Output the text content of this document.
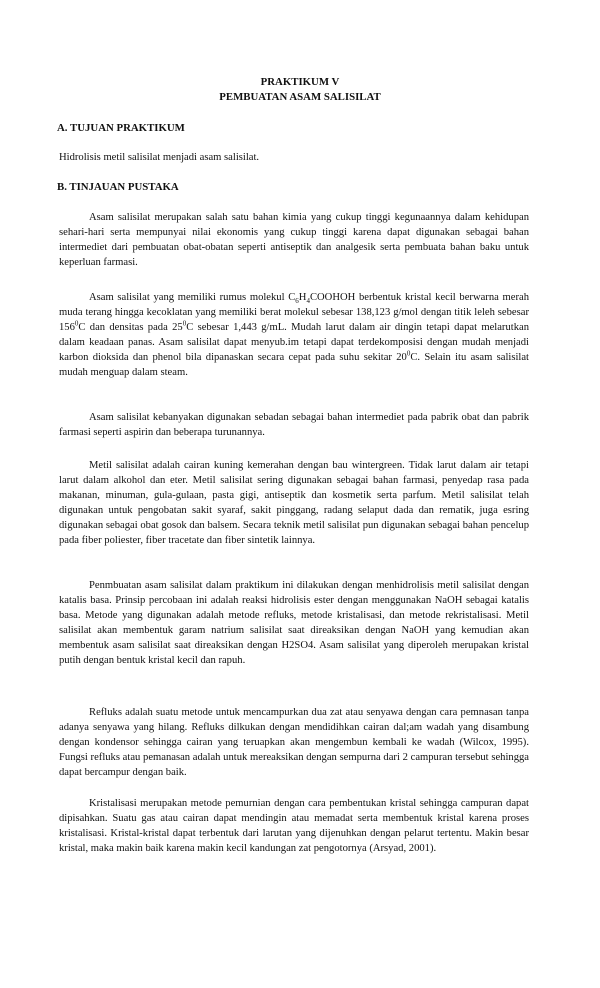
PRAKTIKUM V
PEMBUATAN ASAM SALISILAT
A. TUJUAN PRAKTIKUM
Hidrolisis metil salisilat menjadi asam salisilat.
B. TINJAUAN PUSTAKA
Asam salisilat merupakan salah satu bahan kimia yang cukup tinggi kegunaannya dalam kehidupan sehari-hari serta mempunyai nilai ekonomis yang cukup tinggi karena dapat digunakan sebagai bahan intermediet dari pembuatan obat-obatan seperti antiseptik dan analgesik serta pembuata bahan baku untuk keperluan farmasi.
Asam salisilat yang memiliki rumus molekul $C_6H_4COOHOH$ berbentuk kristal kecil berwarna merah muda terang hingga kecoklatan yang memiliki berat molekul sebesar 138,123 g/mol dengan titik leleh sebesar $156^0C$ dan densitas pada $25^0C$ sebesar 1,443 g/mL. Mudah larut dalam air dingin tetapi dapat melarutkan dalam keadaan panas. Asam salisilat dapat menyub.im tetapi dapat terdekomposisi dengan mudah menjadi karbon dioksida dan phenol bila dipanaskan secara cepat pada suhu sekitar $20^0C$. Selain itu asam salisilat mudah menguap dalam steam.
Asam salisilat kebanyakan digunakan sebadan sebagai bahan intermediet pada pabrik obat dan pabrik farmasi seperti aspirin dan beberapa turunannya.
Metil salisilat adalah cairan kuning kemerahan dengan bau wintergreen. Tidak larut dalam air tetapi larut dalam alkohol dan eter. Metil salisilat sering digunakan sebagai bahan farmasi, penyedap rasa pada makanan, minuman, gula-gulaan, pasta gigi, antiseptik dan kosmetik serta parfum. Metil salisilat telah digunakan untuk pengobatan sakit syaraf, sakit pinggang, radang selaput dada dan rematik, juga esring digunakan sebagai obat gosok dan balsem. Secara teknik metil salisilat pun digunakan sebagai bahan pencelup pada fiber poliester, fiber tracetate dan fiber sintetik lainnya.
Penmbuatan asam salisilat dalam praktikum ini dilakukan dengan menhidrolisis metil salisilat dengan katalis basa. Prinsip percobaan ini adalah reaksi hidrolisis ester dengan menggunakan NaOH sebagai katalis basa. Metode yang digunakan adalah metode refluks, metode kristalisasi, dan metode rekristalisasi. Metil salisilat akan membentuk garam natrium salisilat saat direaksikan dengan NaOH yang kemudian akan membentuk asam salisilat saat direaksikan dengan H2SO4. Asam salisilat yang diperoleh merupakan kristal putih dengan bentuk kristal kecil dan rapuh.
Refluks adalah suatu metode untuk mencampurkan dua zat atau senyawa dengan cara pemnasan tanpa adanya senyawa yang hilang. Refluks dilkukan dengan mendidihkan cairan dal;am wadah yang disambung dengan kondensor sehingga cairan yang teruapkan akan mengembun kembali ke wadah (Wilcox, 1995). Fungsi refluks atau pemanasan adalah untuk mereaksikan dengan sempurna dari 2 campuran tersebut sehingga dapat bercampur dengan baik.
Kristalisasi merupakan metode pemurnian dengan cara pembentukan kristal sehingga campuran dapat dipisahkan. Suatu gas atau cairan dapat mendingin atau memadat serta membentuk kristal karena proses kristalisasi. Kristal-kristal dapat terbentuk dari larutan yang dijenuhkan dengan pelarut tertentu. Makin besar kristal, maka makin baik karena makin kecil kandungan zat pengotornya (Arsyad, 2001).
